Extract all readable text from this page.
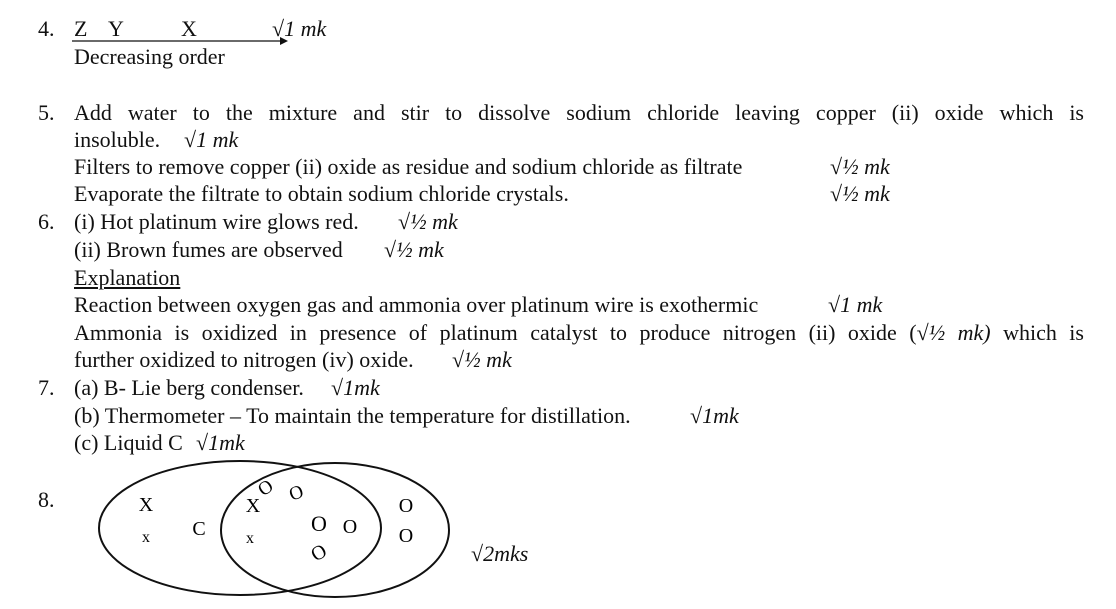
4. Z Y	X	√1 mk
Decreasing order
5. Add water to the mixture and stir to dissolve sodium chloride leaving copper (ii) oxide which is
insoluble. √1 mk
Filters to remove copper (ii) oxide as residue and sodium chloride as filtrate	√½ mk
Evaporate the filtrate to obtain sodium chloride crystals.	√½ mk
6. (i) Hot platinum wire glows red. √½ mk
(ii) Brown fumes are observed √½ mk
Explanation
Reaction between oxygen gas and ammonia over platinum wire is exothermic	√1 mk
Ammonia is oxidized in presence of platinum catalyst to produce nitrogen (ii) oxide (√½ mk) which is
further oxidized to nitrogen (iv) oxide. √½ mk
7. (a) B- Lie berg condenser. √1mk
(b) Thermometer – To maintain the temperature for distillation.	√1mk
(c) Liquid C √1mk
8.	X
x C
X
x
O O
O O
O
O
O
√2mks
